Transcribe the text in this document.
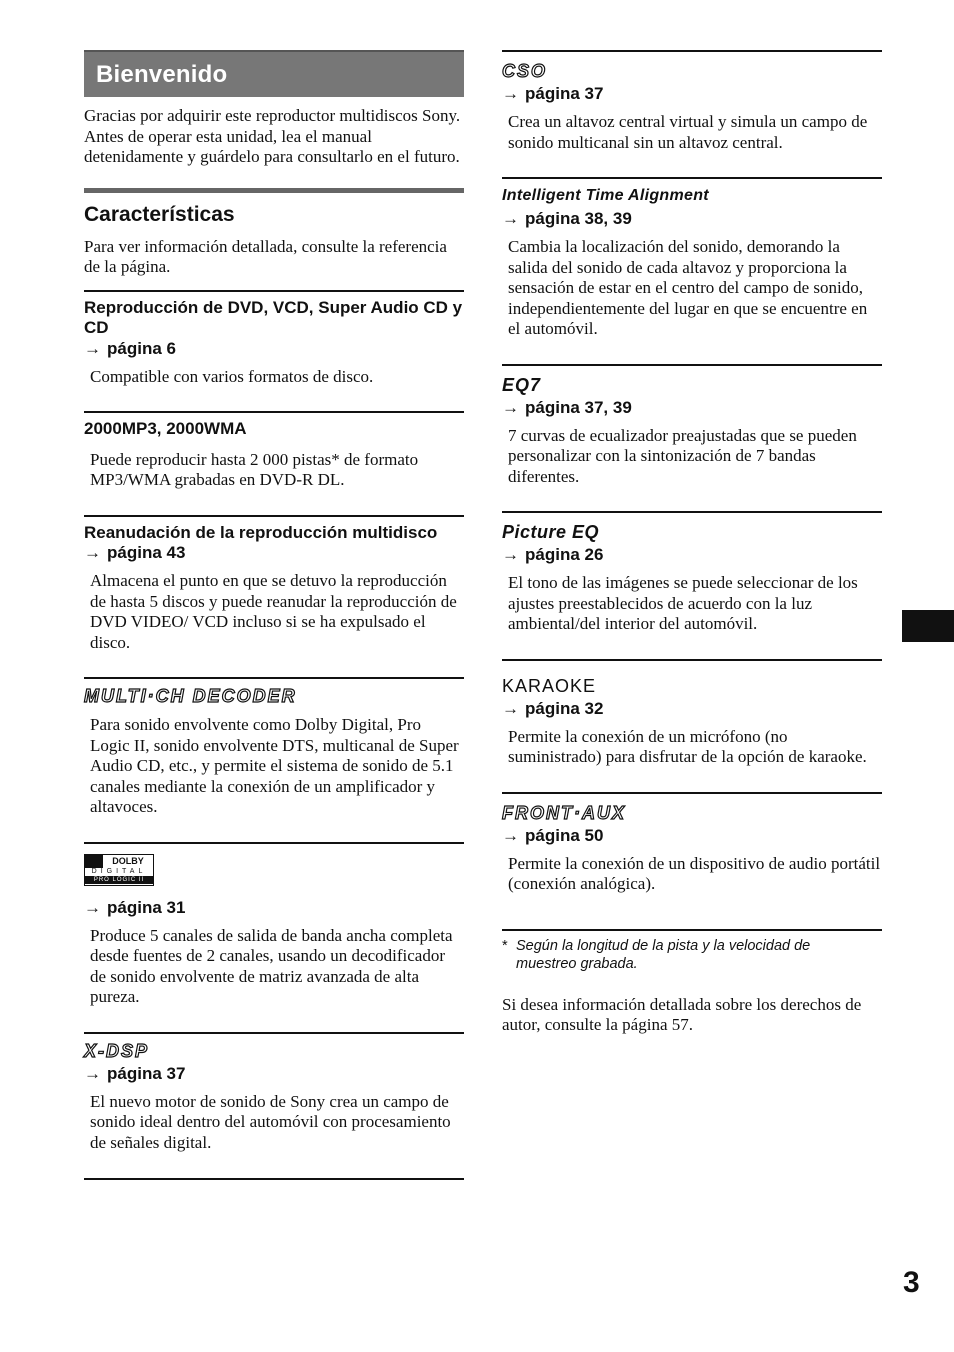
Bienvenido

Gracias por adquirir este reproductor multidiscos Sony. Antes de operar esta unidad, lea el manual detenidamente y guárdelo para consultarlo en el futuro.

Características

Para ver información detallada, consulte la referencia de la página.

Reproducción de DVD, VCD, Super Audio CD y CD
→ página 6

Compatible con varios formatos de disco.

2000MP3, 2000WMA

Puede reproducir hasta 2 000 pistas* de formato MP3/WMA grabadas en DVD-R DL.

Reanudación de la reproducción multidisco
→ página 43

Almacena el punto en que se detuvo la reproducción de hasta 5 discos y puede reanudar la reproducción de DVD VIDEO/ VCD incluso si se ha expulsado el disco.

MULTI·CH DECODER

Para sonido envolvente como Dolby Digital, Pro Logic II, sonido envolvente DTS, multicanal de Super Audio CD, etc., y permite el sistema de sonido de 5.1 canales mediante la conexión de un amplificador y altavoces.

DOLBY
DIGITAL
PRO LOGIC II
→ página 31

Produce 5 canales de salida de banda ancha completa desde fuentes de 2 canales, usando un decodificador de sonido envolvente de matriz avanzada de alta pureza.

X-DSP
→ página 37

El nuevo motor de sonido de Sony crea un campo de sonido ideal dentro del automóvil con procesamiento de señales digital.

CSO
→ página 37

Crea un altavoz central virtual y simula un campo de sonido multicanal sin un altavoz central.

Intelligent Time Alignment
→ página 38, 39

Cambia la localización del sonido, demorando la salida del sonido de cada altavoz y proporciona la sensación de estar en el centro del campo de sonido, independientemente del lugar en que se encuentre en el automóvil.

EQ7
→ página 37, 39

7 curvas de ecualizador preajustadas que se pueden personalizar con la sintonización de 7 bandas diferentes.

Picture EQ
→ página 26

El tono de las imágenes se puede seleccionar de los ajustes preestablecidos de acuerdo con la luz ambiental/del interior del automóvil.

KARAOKE
→ página 32

Permite la conexión de un micrófono (no suministrado) para disfrutar de la opción de karaoke.

FRONT·AUX
→ página 50

Permite la conexión de un dispositivo de audio portátil (conexión analógica).

* Según la longitud de la pista y la velocidad de
muestreo grabada.

Si desea información detallada sobre los derechos de autor, consulte la página 57.

3
